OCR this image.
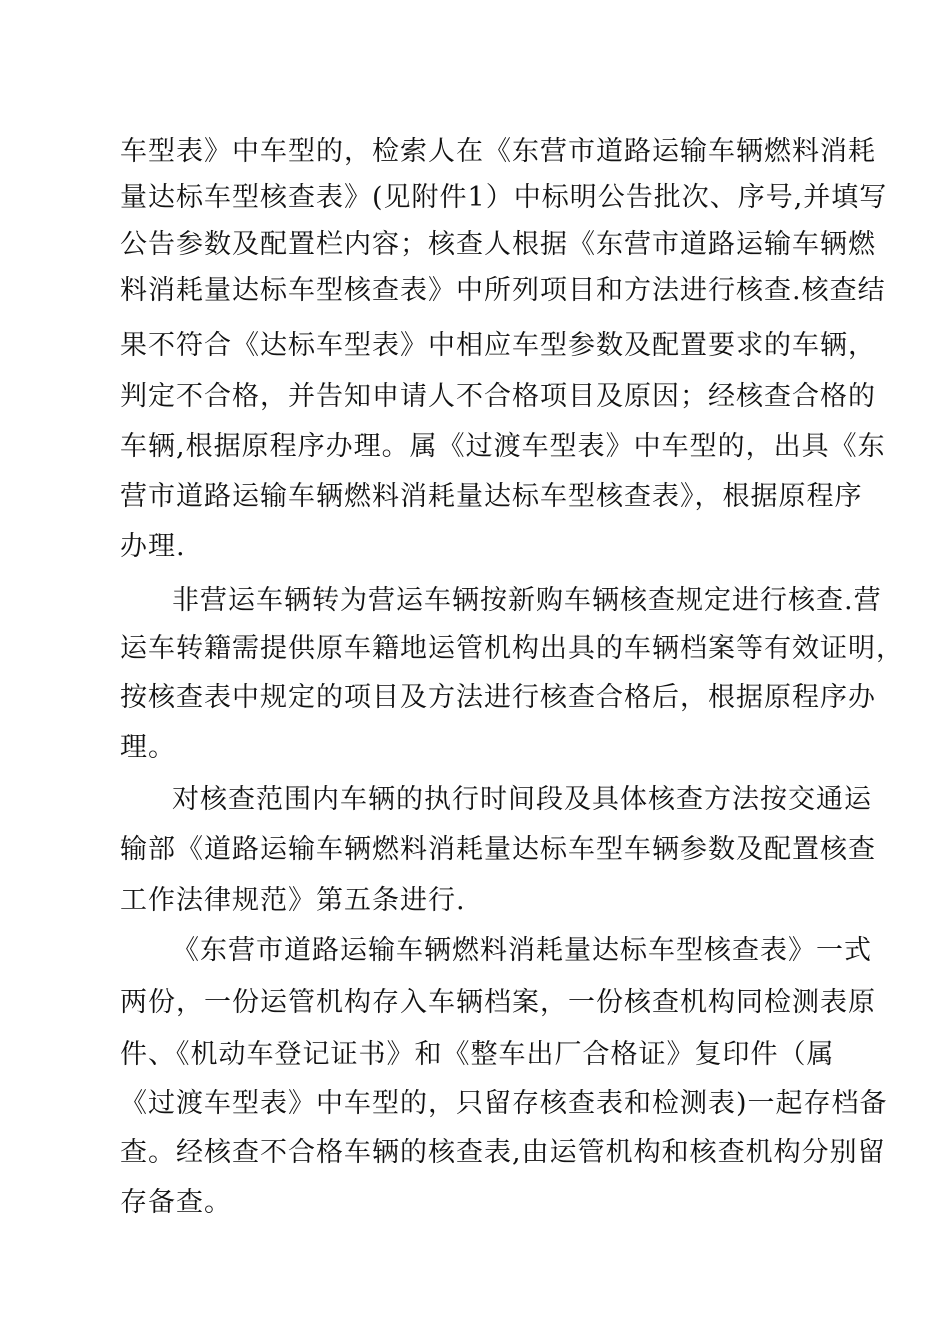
车型表》中车型的，检索人在《东营市道路运输车辆燃料消耗
量达标车型核查表》(见附件1）中标明公告批次、序号,并填写
公告参数及配置栏内容；核查人根据《东营市道路运输车辆燃
料消耗量达标车型核查表》中所列项目和方法进行核查.核查结
果不符合《达标车型表》中相应车型参数及配置要求的车辆，
判定不合格，并告知申请人不合格项目及原因；经核查合格的
车辆,根据原程序办理。属《过渡车型表》中车型的，出具《东
营市道路运输车辆燃料消耗量达标车型核查表》，根据原程序
办理.
非营运车辆转为营运车辆按新购车辆核查规定进行核查.营
运车转籍需提供原车籍地运管机构出具的车辆档案等有效证明，
按核查表中规定的项目及方法进行核查合格后，根据原程序办
理。
对核查范围内车辆的执行时间段及具体核查方法按交通运
输部《道路运输车辆燃料消耗量达标车型车辆参数及配置核查
工作法律规范》第五条进行.
《东营市道路运输车辆燃料消耗量达标车型核查表》一式
两份，一份运管机构存入车辆档案，一份核查机构同检测表原
件、《机动车登记证书》和《整车出厂合格证》复印件（属
《过渡车型表》中车型的，只留存核查表和检测表)一起存档备
查。经核查不合格车辆的核查表,由运管机构和核查机构分别留
存备查。
